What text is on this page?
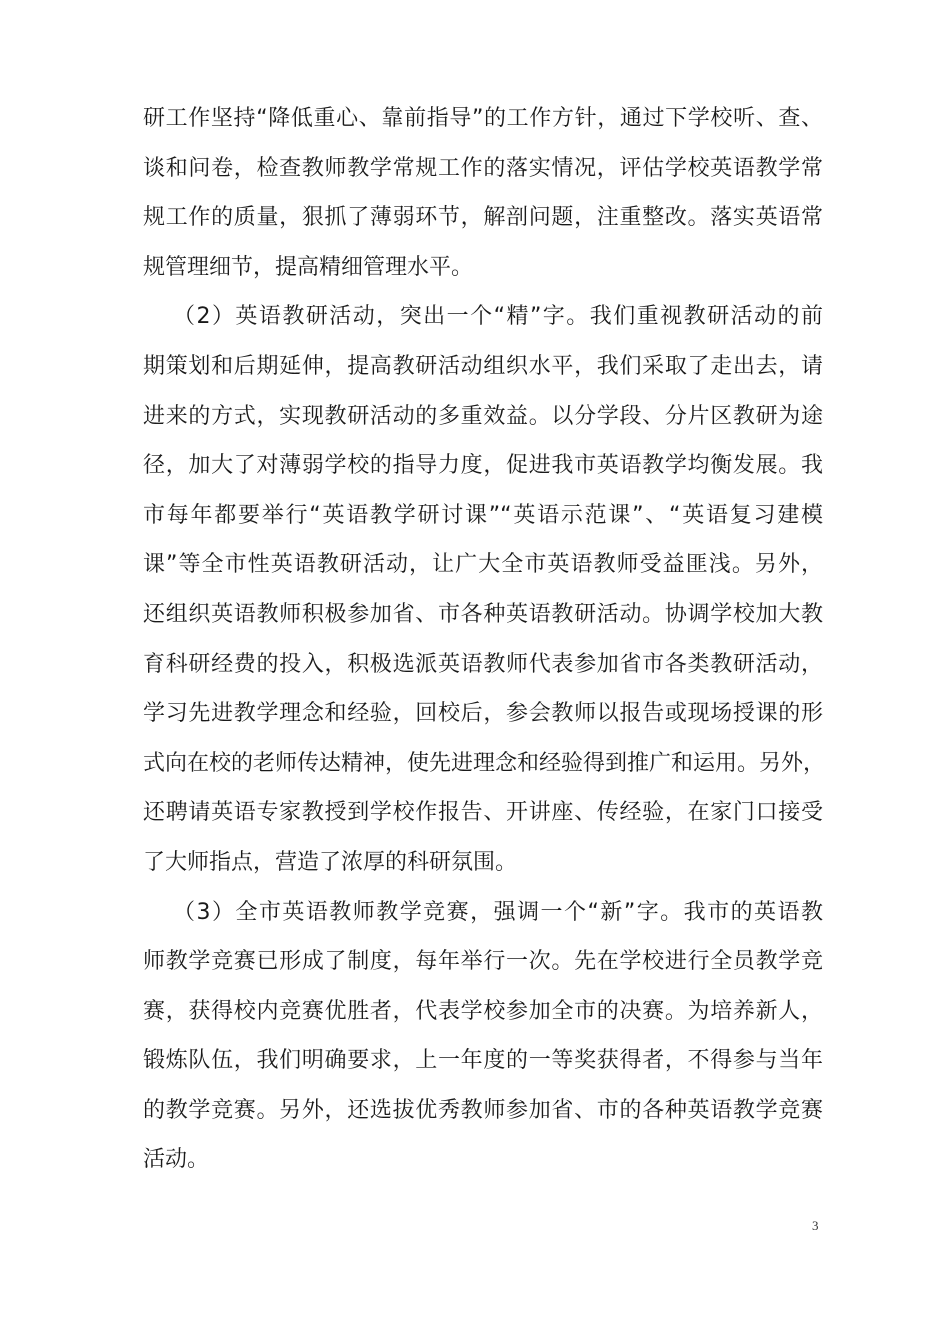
研工作坚持“降低重心、靠前指导”的工作方针，通过下学校听、查、
谈和问卷，检查教师教学常规工作的落实情况，评估学校英语教学常
规工作的质量，狠抓了薄弱环节，解剖问题，注重整改。落实英语常
规管理细节，提高精细管理水平。
（2）英语教研活动，突出一个“精”字。我们重视教研活动的前
期策划和后期延伸，提高教研活动组织水平，我们采取了走出去，请
进来的方式，实现教研活动的多重效益。以分学段、分片区教研为途
径，加大了对薄弱学校的指导力度，促进我市英语教学均衡发展。我
市每年都要举行“英语教学研讨课”“英语示范课”、“英语复习建模
课”等全市性英语教研活动，让广大全市英语教师受益匪浅。另外，
还组织英语教师积极参加省、市各种英语教研活动。协调学校加大教
育科研经费的投入，积极选派英语教师代表参加省市各类教研活动，
学习先进教学理念和经验，回校后，参会教师以报告或现场授课的形
式向在校的老师传达精神，使先进理念和经验得到推广和运用。另外，
还聘请英语专家教授到学校作报告、开讲座、传经验，在家门口接受
了大师指点，营造了浓厚的科研氛围。
（3）全市英语教师教学竞赛，强调一个“新”字。我市的英语教
师教学竞赛已形成了制度，每年举行一次。先在学校进行全员教学竞
赛，获得校内竞赛优胜者，代表学校参加全市的决赛。为培养新人，
锻炼队伍，我们明确要求，上一年度的一等奖获得者，不得参与当年
的教学竞赛。另外，还选拔优秀教师参加省、市的各种英语教学竞赛
活动。
3
